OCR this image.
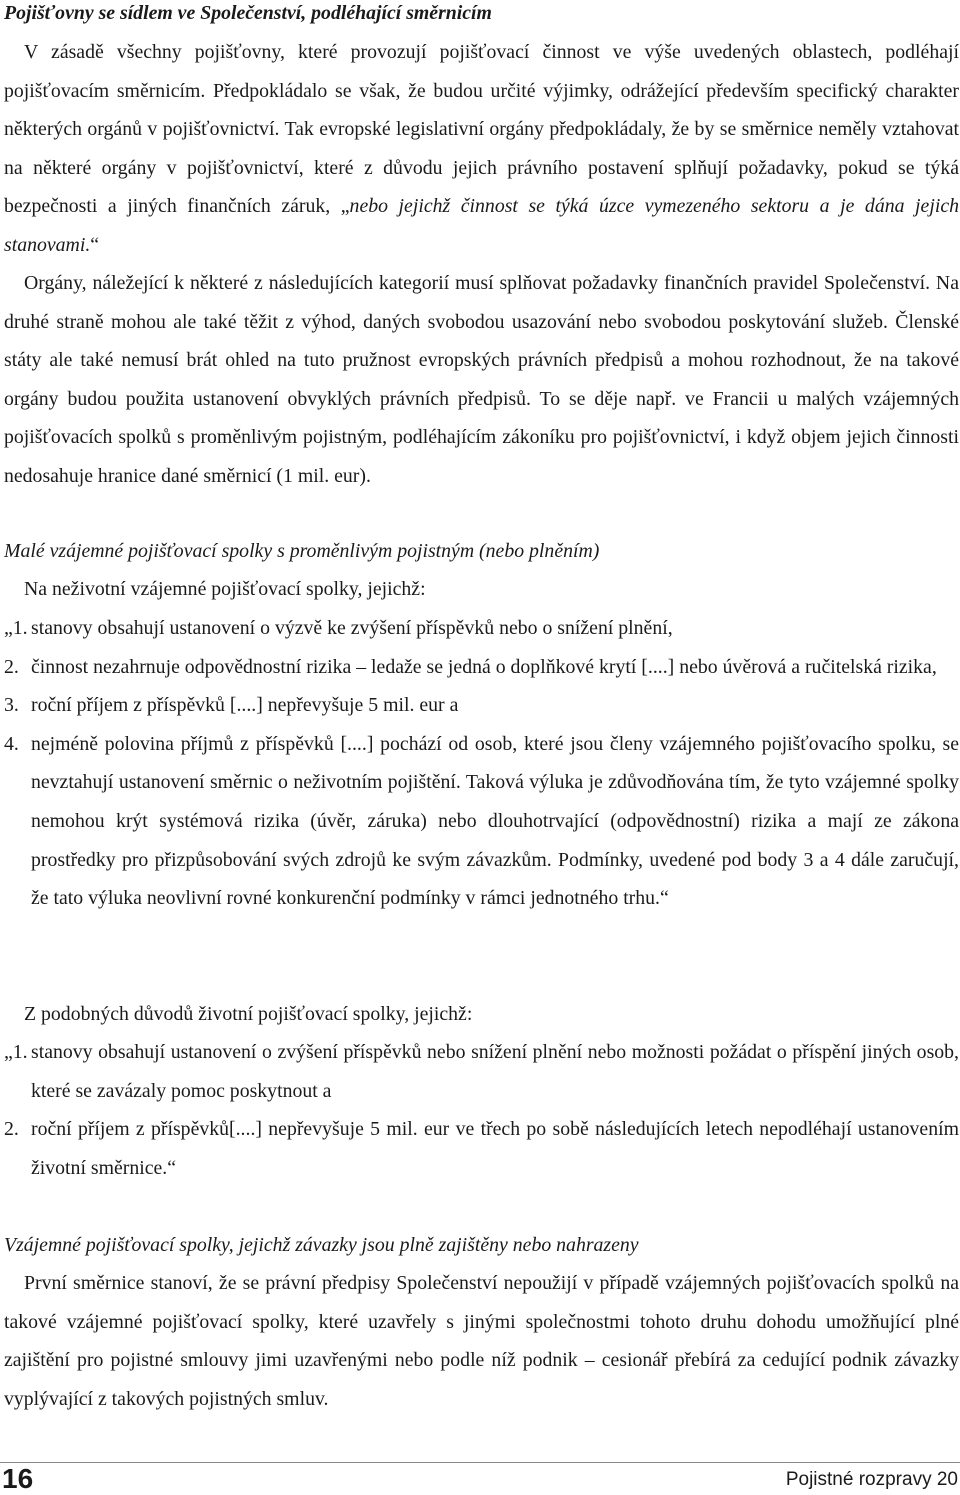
Pojišťovny se sídlem ve Společenství, podléhající směrnicím
V zásadě všechny pojišťovny, které provozují pojišťovací činnost ve výše uvedených oblastech, podléhají pojišťovacím směrnicím. Předpokládalo se však, že budou určité výjimky, odrážející především specifický charakter některých orgánů v pojišťovnictví. Tak evropské legislativní orgány předpokládaly, že by se směrnice neměly vztahovat na některé orgány v pojišťovnictví, které z důvodu jejich právního postavení splňují požadavky, pokud se týká bezpečnosti a jiných finančních záruk, „nebo jejichž činnost se týká úzce vymezeného sektoru a je dána jejich stanovami.“
Orgány, náležející k některé z následujících kategorií musí splňovat požadavky finančních pravidel Společenství. Na druhé straně mohou ale také těžit z výhod, daných svobodou usazování nebo svobodou poskytování služeb. Členské státy ale také nemusí brát ohled na tuto pružnost evropských právních předpisů a mohou rozhodnout, že na takové orgány budou použita ustanovení obvyklých právních předpisů. To se děje např. ve Francii u malých vzájemných pojišťovacích spolků s proměnlivým pojistným, podléhajícím zákoníku pro pojišťovnictví, i když objem jejich činnosti nedosahuje hranice dané směrnicí (1 mil. eur).
Malé vzájemné pojišťovací spolky s proměnlivým pojistným (nebo plněním)
Na neživotní vzájemné pojišťovací spolky, jejichž:
„1. stanovy obsahují ustanovení o výzvě ke zvýšení příspěvků nebo o snížení plnění,
2. činnost nezahrnuje odpovědnostní rizika – ledaže se jedná o doplňkové krytí [....] nebo úvěrová a ručitelská rizika,
3. roční příjem z příspěvků [....] nepřevyšuje 5 mil. eur a
4. nejméně polovina příjmů z příspěvků [....] pochází od osob, které jsou členy vzájemného pojišťovacího spolku, se nevztahují ustanovení směrnic o neživotním pojištění. Taková výluka je zdůvodňována tím, že tyto vzájemné spolky nemohou krýt systémová rizika (úvěr, záruka) nebo dlouhotrvající (odpovědnostní) rizika a mají ze zákona prostředky pro přizpůsobování svých zdrojů ke svým závazkům. Podmínky, uvedené pod body 3 a 4 dále zaručují, že tato výluka neovlivní rovné konkurenční podmínky v rámci jednotného trhu.“
Z podobných důvodů životní pojišťovací spolky, jejichž:
„1. stanovy obsahují ustanovení o zvýšení příspěvků nebo snížení plnění nebo možnosti požádat o příspění jiných osob, které se zavázaly pomoc poskytnout a
2. roční příjem z příspěvků[....] nepřevyšuje 5 mil. eur ve třech po sobě následujících letech nepodléhají ustanovením životní směrnice.“
Vzájemné pojišťovací spolky, jejichž závazky jsou plně zajištěny nebo nahrazeny
První směrnice stanoví, že se právní předpisy Společenství nepoužijí v případě vzájemných pojišťovacích spolků na takové vzájemné pojišťovací spolky, které uzavřely s jinými společnostmi tohoto druhu dohodu umožňující plné zajištění pro pojistné smlouvy jimi uzavřenými nebo podle níž podnik – cesionář přebírá za cedující podnik závazky vyplývající z takových pojistných smluv.
16	Pojistné rozpravy 20
